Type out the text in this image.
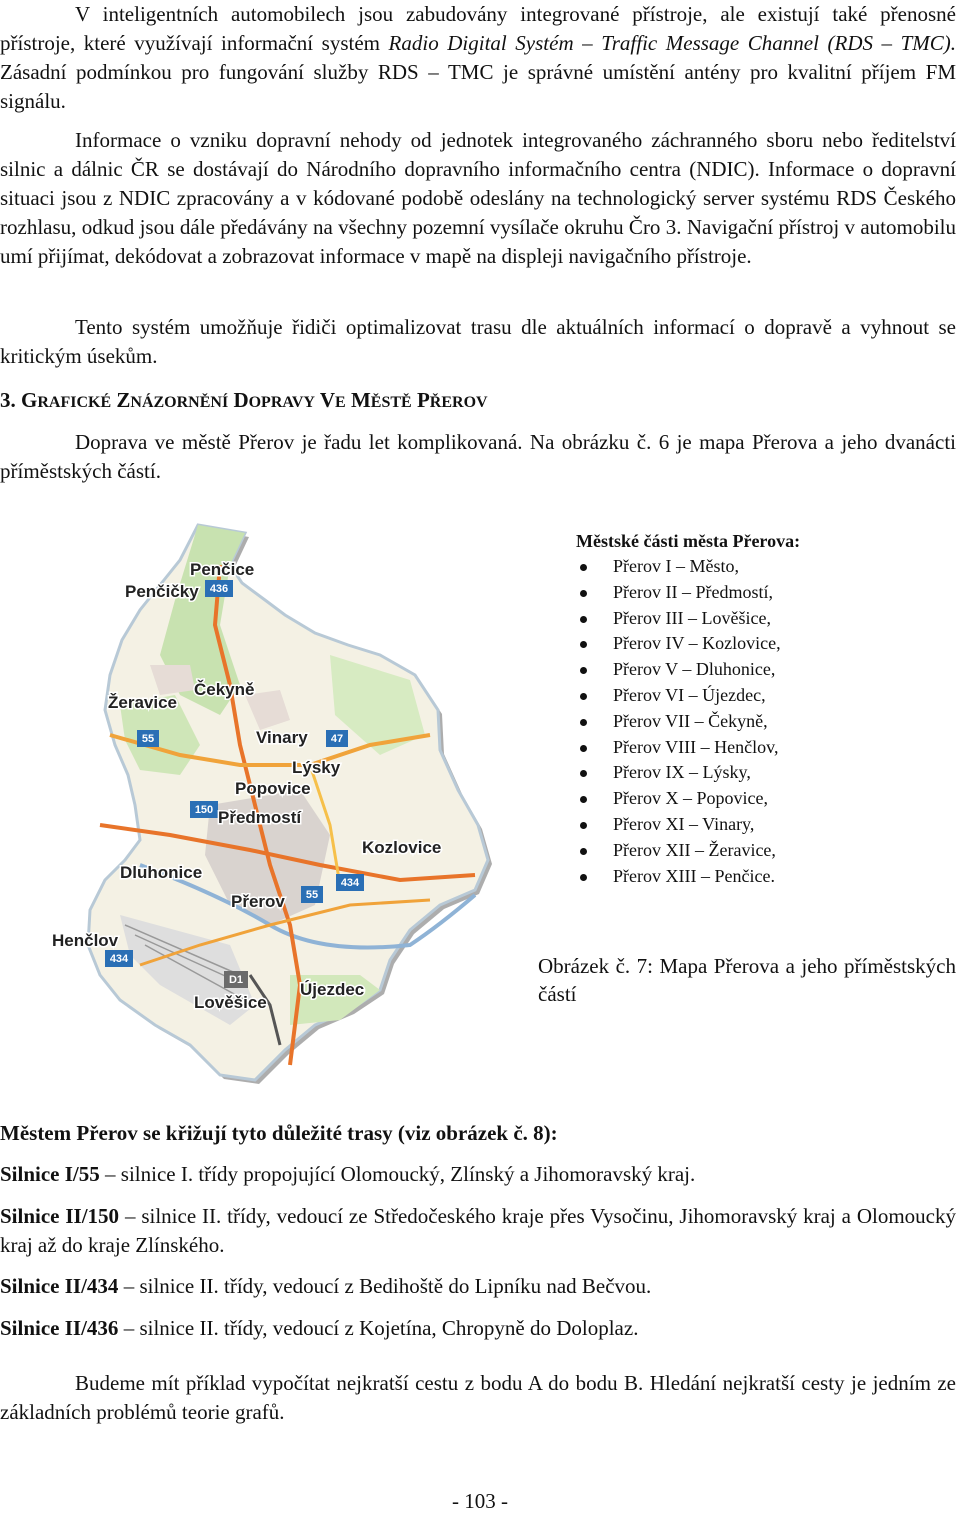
V inteligentních automobilech jsou zabudovány integrované přístroje, ale existují také přenosné přístroje, které využívají informační systém Radio Digital Systém – Traffic Message Channel (RDS – TMC). Zásadní podmínkou pro fungování služby RDS – TMC je správné umístění antény pro kvalitní příjem FM signálu.

Informace o vzniku dopravní nehody od jednotek integrovaného záchranného sboru nebo ředitelství silnic a dálnic ČR se dostávají do Národního dopravního informačního centra (NDIC). Informace o dopravní situaci jsou z NDIC zpracovány a v kódované podobě odeslány na technologický server systému RDS Českého rozhlasu, odkud jsou dále předávány na všechny pozemní vysílače okruhu Čro 3. Navigační přístroj v automobilu umí přijímat, dekódovat a zobrazovat informace v mapě na displeji navigačního přístroje.

Tento systém umožňuje řidiči optimalizovat trasu dle aktuálních informací o dopravě a vyhnout se kritickým úsekům.

3. GRAFICKÉ ZNÁZORNĚNÍ DOPRAVY VE MĚSTĚ PŘEROV

Doprava ve městě Přerov je řadu let komplikovaná. Na obrázku č. 6 je mapa Přerova a jeho dvanácti příměstských částí.

436
55	47
150
55
434
434
D1
Penčice
Penčičky
Čekyně
Žeravice
Vinary
Lýsky
Popovice
Předmostí
Kozlovice
Dluhonice
Přerov
Henčlov
Lověšice
Újezdec
Městské části města Přerova:
Přerov I – Město,
Přerov II – Předmostí,
Přerov III – Lověšice,
Přerov IV – Kozlovice,
Přerov V – Dluhonice,
Přerov VI – Újezdec,
Přerov VII – Čekyně,
Přerov VIII – Henčlov,
Přerov IX – Lýsky,
Přerov X – Popovice,
Přerov XI – Vinary,
Přerov XII – Žeravice,
Přerov XIII – Penčice.
Obrázek č. 7: Mapa Přerova a jeho příměstských částí

Městem Přerov se křižují tyto důležité trasy (viz obrázek č. 8):

Silnice I/55 – silnice I. třídy propojující Olomoucký, Zlínský a Jihomoravský kraj.

Silnice II/150 – silnice II. třídy, vedoucí ze Středočeského kraje přes Vysočinu, Jihomoravský kraj a Olomoucký kraj až do kraje Zlínského.

Silnice II/434 – silnice II. třídy, vedoucí z Bedihoště do Lipníku nad Bečvou.

Silnice II/436 – silnice II. třídy, vedoucí z Kojetína, Chropyně do Doloplaz.

Budeme mít příklad vypočítat nejkratší cestu z bodu A do bodu B. Hledání nejkratší cesty je jedním ze základních problémů teorie grafů.

- 103 -
